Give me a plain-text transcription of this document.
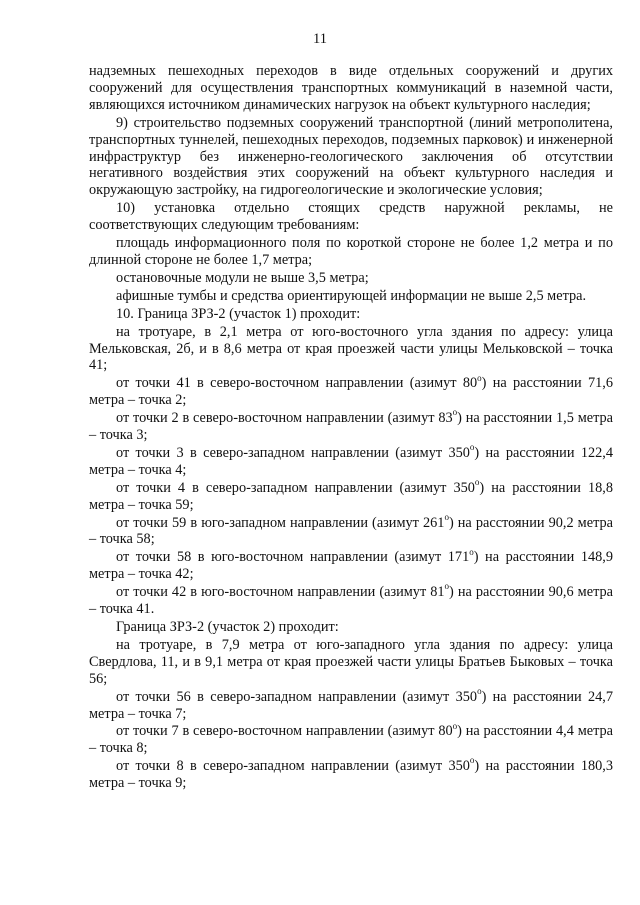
11

надземных пешеходных переходов в виде отдельных сооружений и других сооружений для осуществления транспортных коммуникаций в наземной части, являющихся источником динамических нагрузок на объект культурного наследия;

9) строительство подземных сооружений транспортной (линий метрополитена, транспортных туннелей, пешеходных переходов, подземных парковок) и инженерной инфраструктур без инженерно-геологического заключения об отсутствии негативного воздействия этих сооружений на объект культурного наследия и окружающую застройку, на гидрогеологические и экологические условия;

10) установка отдельно стоящих средств наружной рекламы, не соответствующих следующим требованиям:

площадь информационного поля по короткой стороне не более 1,2 метра и по длинной стороне не более 1,7 метра;

остановочные модули не выше 3,5 метра;

афишные тумбы и средства ориентирующей информации не выше 2,5 метра.

10. Граница ЗРЗ-2 (участок 1) проходит:

на тротуаре, в 2,1 метра от юго-восточного угла здания по адресу: улица Мельковская, 2б, и в 8,6 метра от края проезжей части улицы Мельковской – точка 41;

от точки 41 в северо-восточном направлении (азимут 80$^o$) на расстоянии 71,6 метра – точка 2;

от точки 2 в северо-восточном направлении (азимут 83$^o$) на расстоянии 1,5 метра – точка 3;

от точки 3 в северо-западном направлении (азимут 350$^o$) на расстоянии 122,4 метра – точка 4;

от точки 4 в северо-западном направлении (азимут 350$^o$) на расстоянии 18,8 метра – точка 59;

от точки 59 в юго-западном направлении (азимут 261$^o$) на расстоянии 90,2 метра – точка 58;

от точки 58 в юго-восточном направлении (азимут 171$^o$) на расстоянии 148,9 метра – точка 42;

от точки 42 в юго-восточном направлении (азимут 81$^o$) на расстоянии 90,6 метра – точка 41.

Граница ЗРЗ-2 (участок 2) проходит:

на тротуаре, в 7,9 метра от юго-западного угла здания по адресу: улица Свердлова, 11, и в 9,1 метра от края проезжей части улицы Братьев Быковых – точка 56;

от точки 56 в северо-западном направлении (азимут 350$^o$) на расстоянии 24,7 метра – точка 7;

от точки 7 в северо-восточном направлении (азимут 80$^o$) на расстоянии 4,4 метра – точка 8;

от точки 8 в северо-западном направлении (азимут 350$^o$) на расстоянии 180,3 метра – точка 9;
